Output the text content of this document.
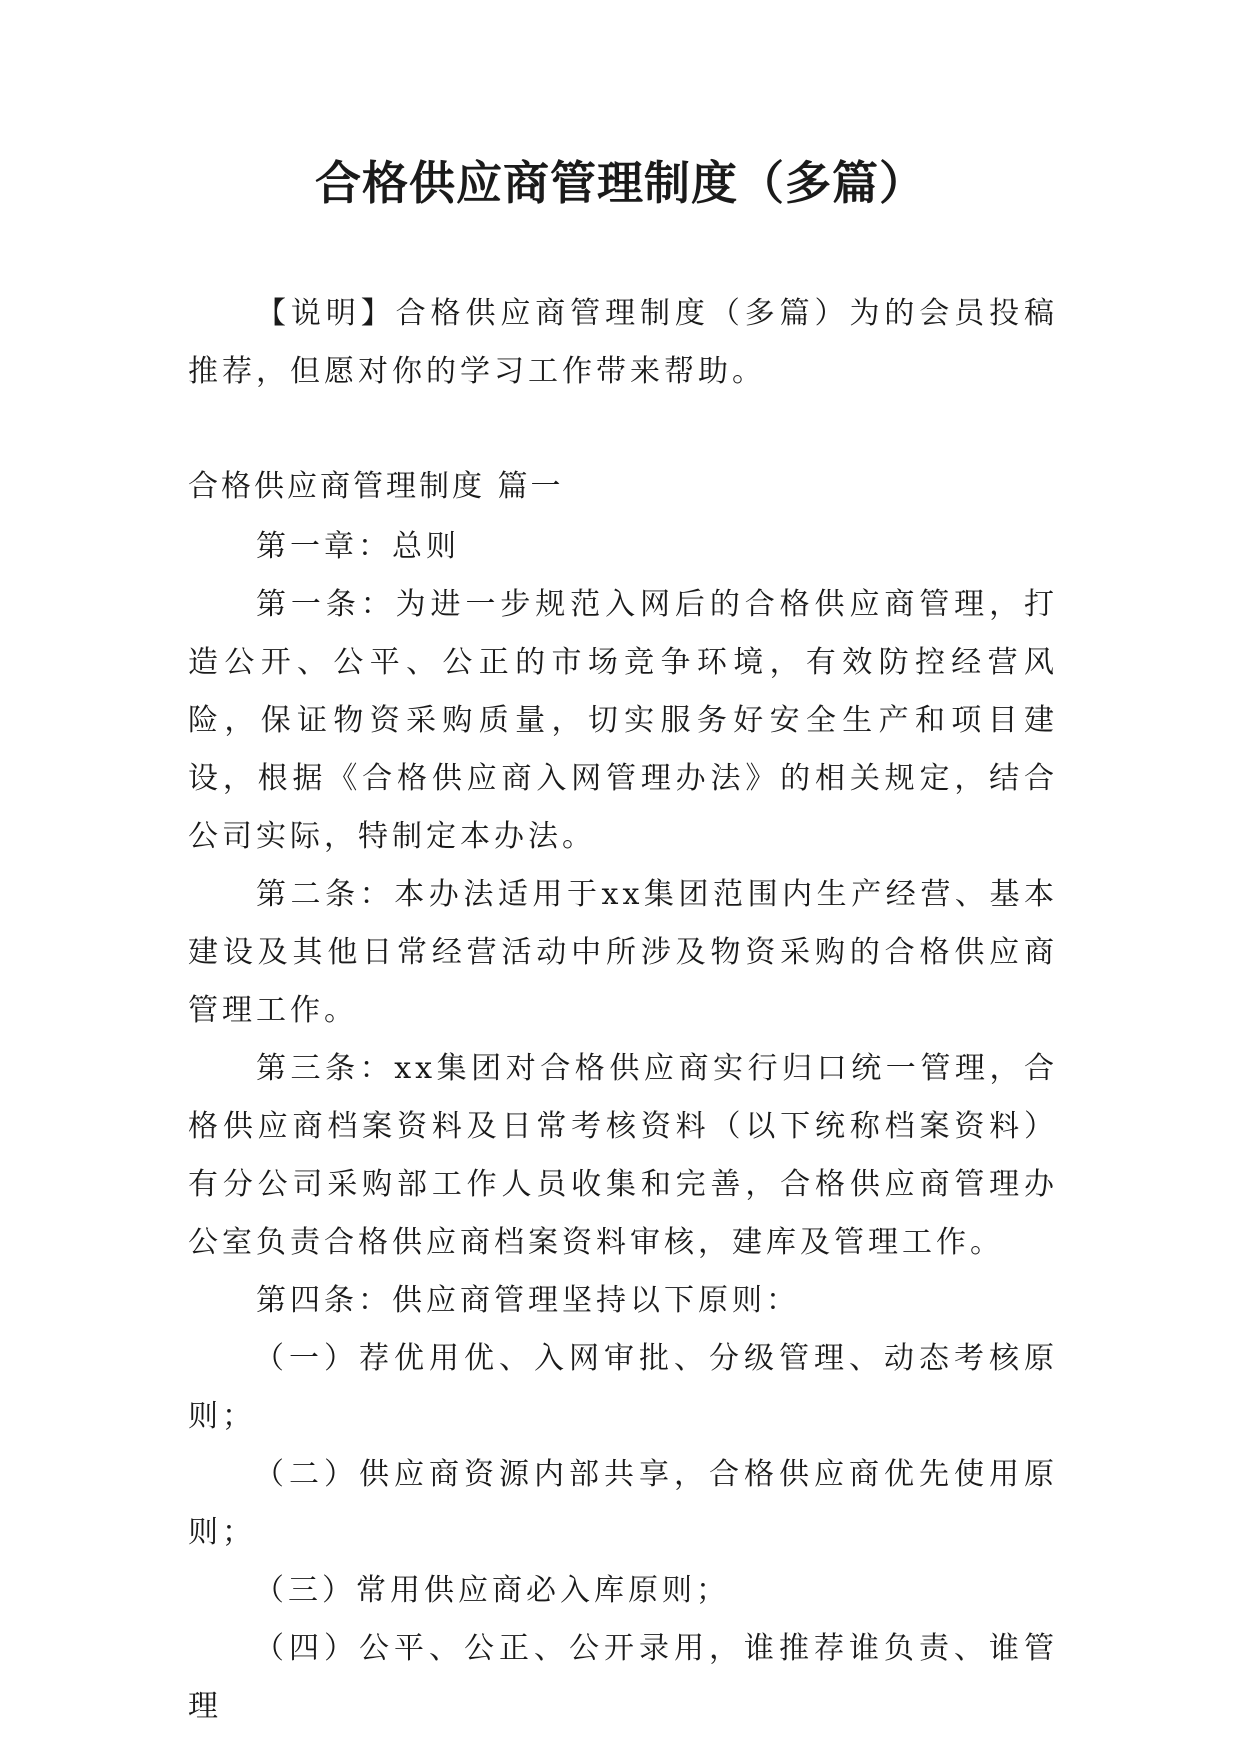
合格供应商管理制度（多篇）

【说明】合格供应商管理制度（多篇）为的会员投稿推荐，但愿对你的学习工作带来帮助。

合格供应商管理制度 篇一

第一章：总则

第一条：为进一步规范入网后的合格供应商管理，打造公开、公平、公正的市场竞争环境，有效防控经营风险，保证物资采购质量，切实服务好安全生产和项目建设，根据《合格供应商入网管理办法》的相关规定，结合公司实际，特制定本办法。

第二条：本办法适用于xx集团范围内生产经营、基本建设及其他日常经营活动中所涉及物资采购的合格供应商管理工作。

第三条：xx集团对合格供应商实行归口统一管理，合格供应商档案资料及日常考核资料（以下统称档案资料）有分公司采购部工作人员收集和完善，合格供应商管理办公室负责合格供应商档案资料审核，建库及管理工作。

第四条：供应商管理坚持以下原则：

（一）荐优用优、入网审批、分级管理、动态考核原则；

（二）供应商资源内部共享，合格供应商优先使用原则；

（三）常用供应商必入库原则；

（四）公平、公正、公开录用，谁推荐谁负责、谁管理
